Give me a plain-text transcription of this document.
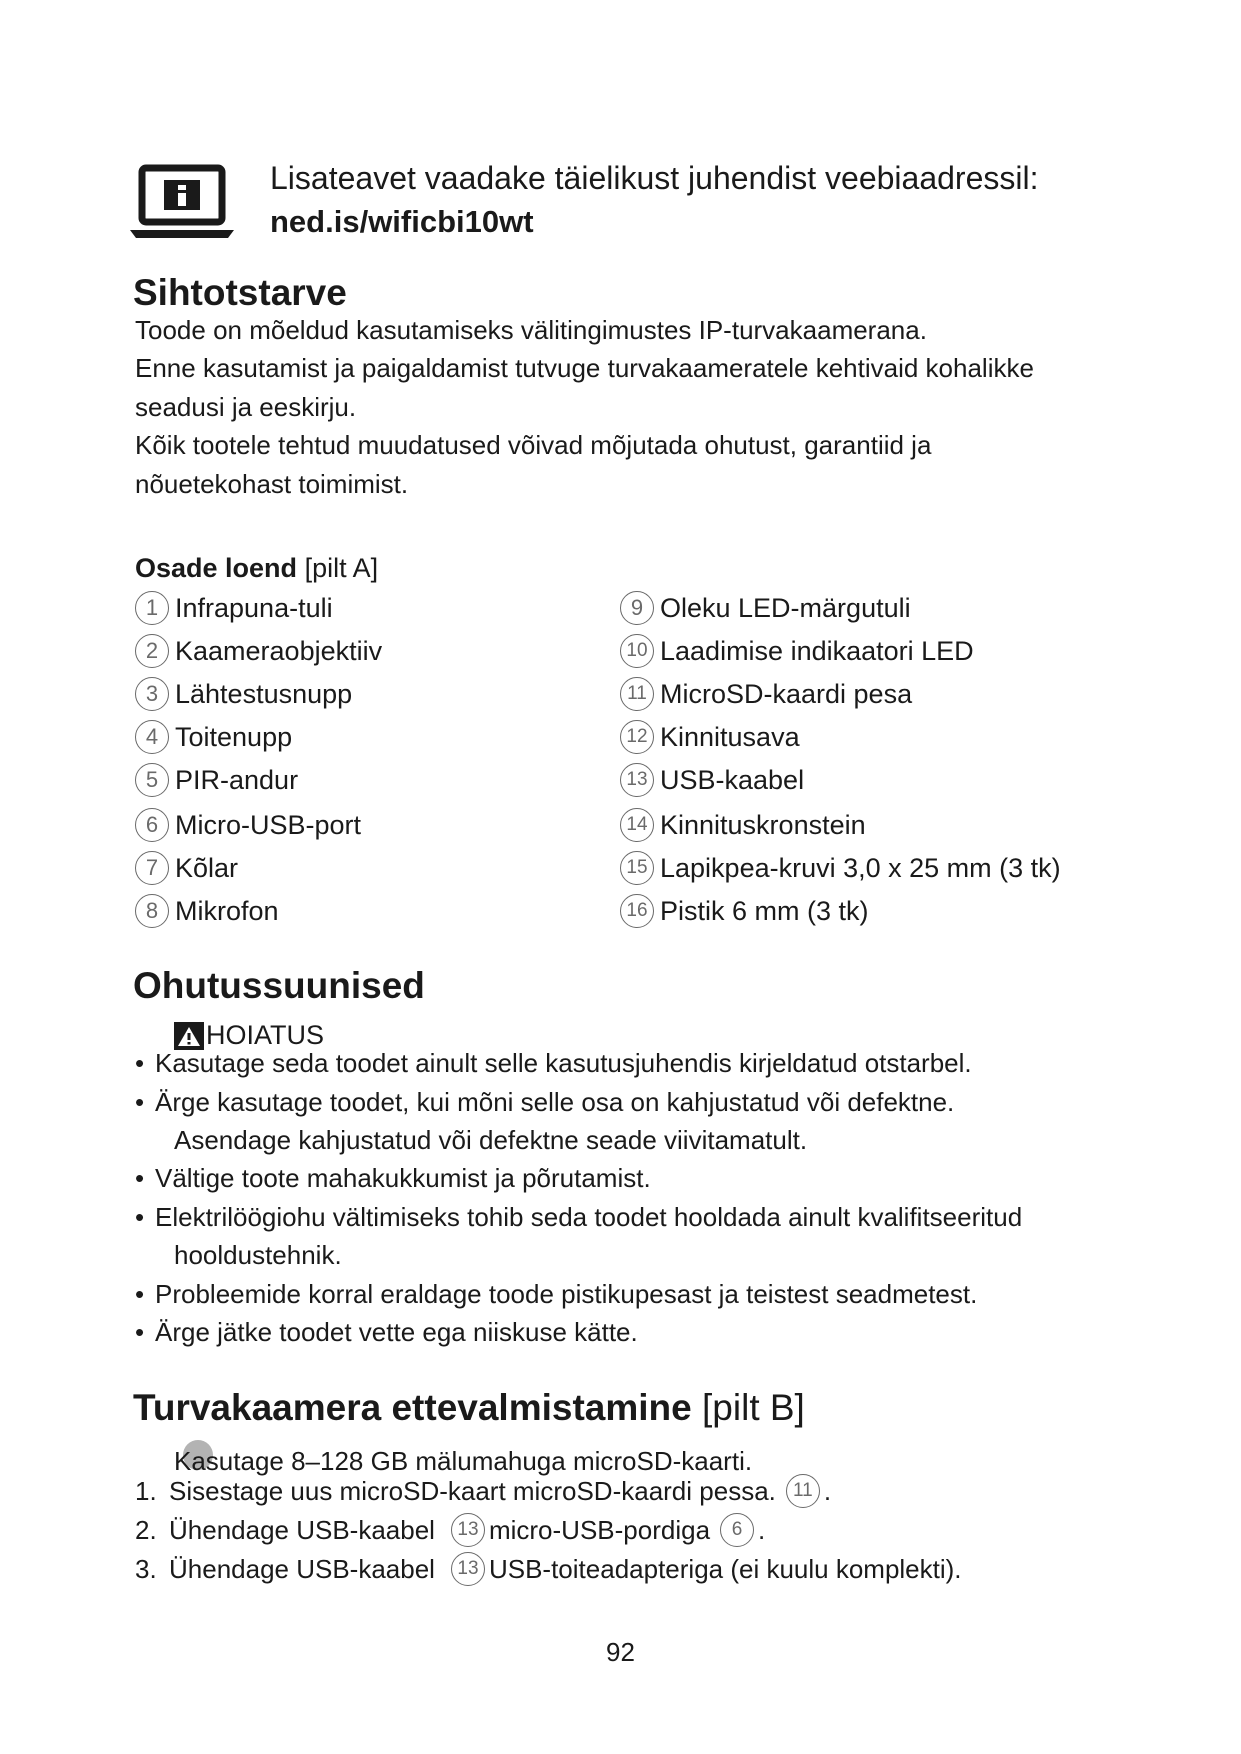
Lisateavet vaadake täielikust juhendist veebiaadressil:
ned.is/wificbi10wt
Sihtotstarve
Toode on mõeldud kasutamiseks välitingimustes IP-turvakaamerana.
Enne kasutamist ja paigaldamist tutvuge turvakaameratele kehtivaid kohalikke
seadusi ja eeskirju.
Kõik tootele tehtud muudatused võivad mõjutada ohutust, garantiid ja
nõuetekohast toimimist.
Osade loend [pilt A]
1 Infrapuna-tuli
2 Kaameraobjektiiv
3 Lähtestusnupp
4 Toitenupp
5 PIR-andur
6 Micro-USB-port
7 Kõlar
8 Mikrofon
9 Oleku LED-märgutuli
10 Laadimise indikaatori LED
11 MicroSD-kaardi pesa
12 Kinnitusava
13 USB-kaabel
14 Kinnituskronstein
15 Lapikpea-kruvi 3,0 x 25 mm (3 tk)
16 Pistik 6 mm (3 tk)
Ohutussuunised
HOIATUS
• Kasutage seda toodet ainult selle kasutusjuhendis kirjeldatud otstarbel.
• Ärge kasutage toodet, kui mõni selle osa on kahjustatud või defektne.
Asendage kahjustatud või defektne seade viivitamatult.
• Vältige toote mahakukkumist ja põrutamist.
• Elektrilöögiohu vältimiseks tohib seda toodet hooldada ainult kvalifitseeritud
hooldustehnik.
• Probleemide korral eraldage toode pistikupesast ja teistest seadmetest.
• Ärge jätke toodet vette ega niiskuse kätte.
Turvakaamera ettevalmistamine [pilt B]
Kasutage 8–128 GB mälumahuga microSD-kaarti.
1. Sisestage uus microSD-kaart microSD-kaardi pessa. 11 .
2. Ühendage USB-kaabel	13 micro-USB-pordiga	6 .
3. Ühendage USB-kaabel	13 USB-toiteadapteriga (ei kuulu komplekti).
92
